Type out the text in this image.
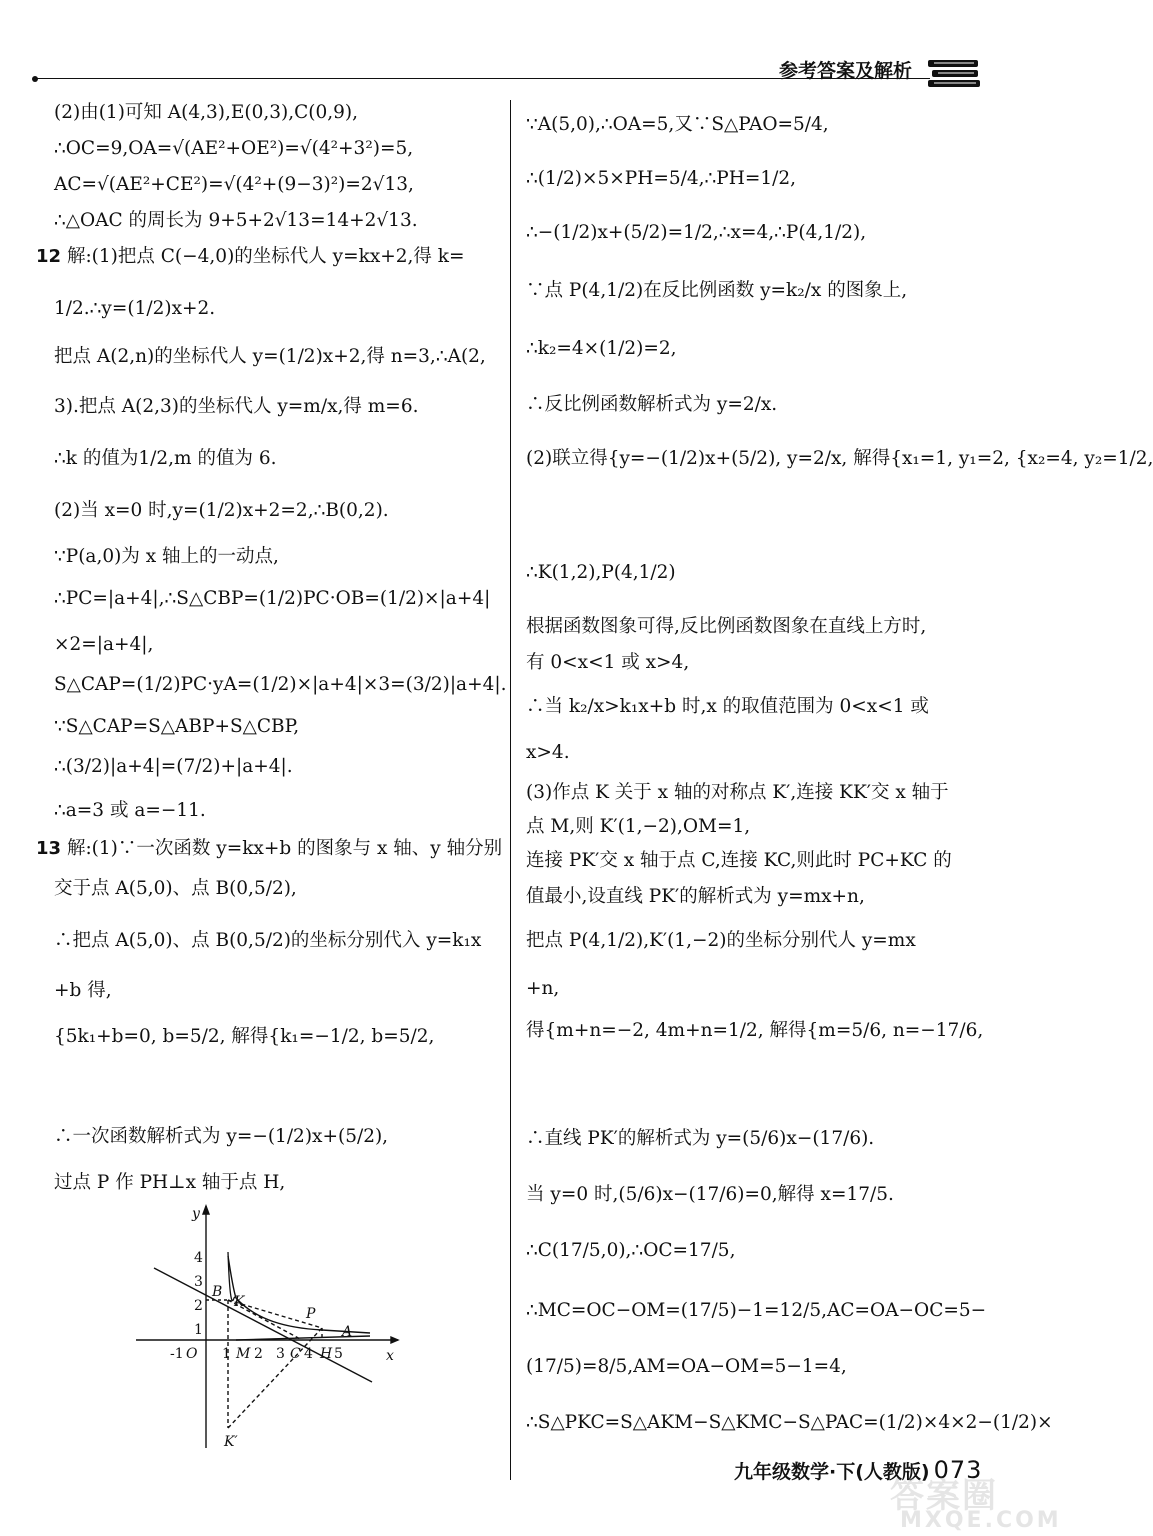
参考答案及解析
(2)由(1)可知 A(4,3),E(0,3),C(0,9),
∴OC=9,OA=√(AE²+OE²)=√(4²+3²)=5,
AC=√(AE²+CE²)=√(4²+(9−3)²)=2√13,
∴△OAC 的周长为 9+5+2√13=14+2√13.
12 解:(1)把点 C(−4,0)的坐标代人 y=kx+2,得 k=
1/2.∴y=(1/2)x+2.
把点 A(2,n)的坐标代人 y=(1/2)x+2,得 n=3,∴A(2,
3).把点 A(2,3)的坐标代人 y=m/x,得 m=6.
∴k 的值为1/2,m 的值为 6.
(2)当 x=0 时,y=(1/2)x+2=2,∴B(0,2).
∵P(a,0)为 x 轴上的一动点,
∴PC=|a+4|,∴S△CBP=(1/2)PC·OB=(1/2)×|a+4|
×2=|a+4|,
S△CAP=(1/2)PC·yA=(1/2)×|a+4|×3=(3/2)|a+4|.
∵S△CAP=S△ABP+S△CBP,
∴(3/2)|a+4|=(7/2)+|a+4|.
∴a=3 或 a=−11.
13 解:(1)∵一次函数 y=kx+b 的图象与 x 轴、y 轴分别
交于点 A(5,0)、点 B(0,5/2),
∴把点 A(5,0)、点 B(0,5/2)的坐标分别代入 y=k₁x
+b 得,
{5k₁+b=0, b=5/2, 解得{k₁=−1/2, b=5/2,
∴一次函数解析式为 y=−(1/2)x+(5/2),
过点 P 作 PH⊥x 轴于点 H,
∵A(5,0),∴OA=5,又∵S△PAO=5/4,
∴(1/2)×5×PH=5/4,∴PH=1/2,
∴−(1/2)x+(5/2)=1/2,∴x=4,∴P(4,1/2),
∵点 P(4,1/2)在反比例函数 y=k₂/x 的图象上,
∴k₂=4×(1/2)=2,
∴反比例函数解析式为 y=2/x.
(2)联立得{y=−(1/2)x+(5/2), y=2/x, 解得{x₁=1, y₁=2, {x₂=4, y₂=1/2,
∴K(1,2),P(4,1/2)
根据函数图象可得,反比例函数图象在直线上方时,
有 0<x<1 或 x>4,
∴当 k₂/x>k₁x+b 时,x 的取值范围为 0<x<1 或
x>4.
(3)作点 K 关于 x 轴的对称点 K′,连接 KK′交 x 轴于
点 M,则 K′(1,−2),OM=1,
连接 PK′交 x 轴于点 C,连接 KC,则此时 PC+KC 的
值最小,设直线 PK′的解析式为 y=mx+n,
把点 P(4,1/2),K′(1,−2)的坐标分别代人 y=mx
+n,
得{m+n=−2, 4m+n=1/2, 解得{m=5/6, n=−17/6,
∴直线 PK′的解析式为 y=(5/6)x−(17/6).
当 y=0 时,(5/6)x−(17/6)=0,解得 x=17/5.
∴C(17/5,0),∴OC=17/5,
∴MC=OC−OM=(17/5)−1=12/5,AC=OA−OC=5−
(17/5)=8/5,AM=OA−OM=5−1=4,
∴S△PKC=S△AKM−S△KMC−S△PAC=(1/2)×4×2−(1/2)×
y
x
4
3
2
1
-1 O 1 2 3 4 5
B
K
P
M	C H
A
K′
九年级数学·下(人教版) 073
答案圈
MXQE.COM
